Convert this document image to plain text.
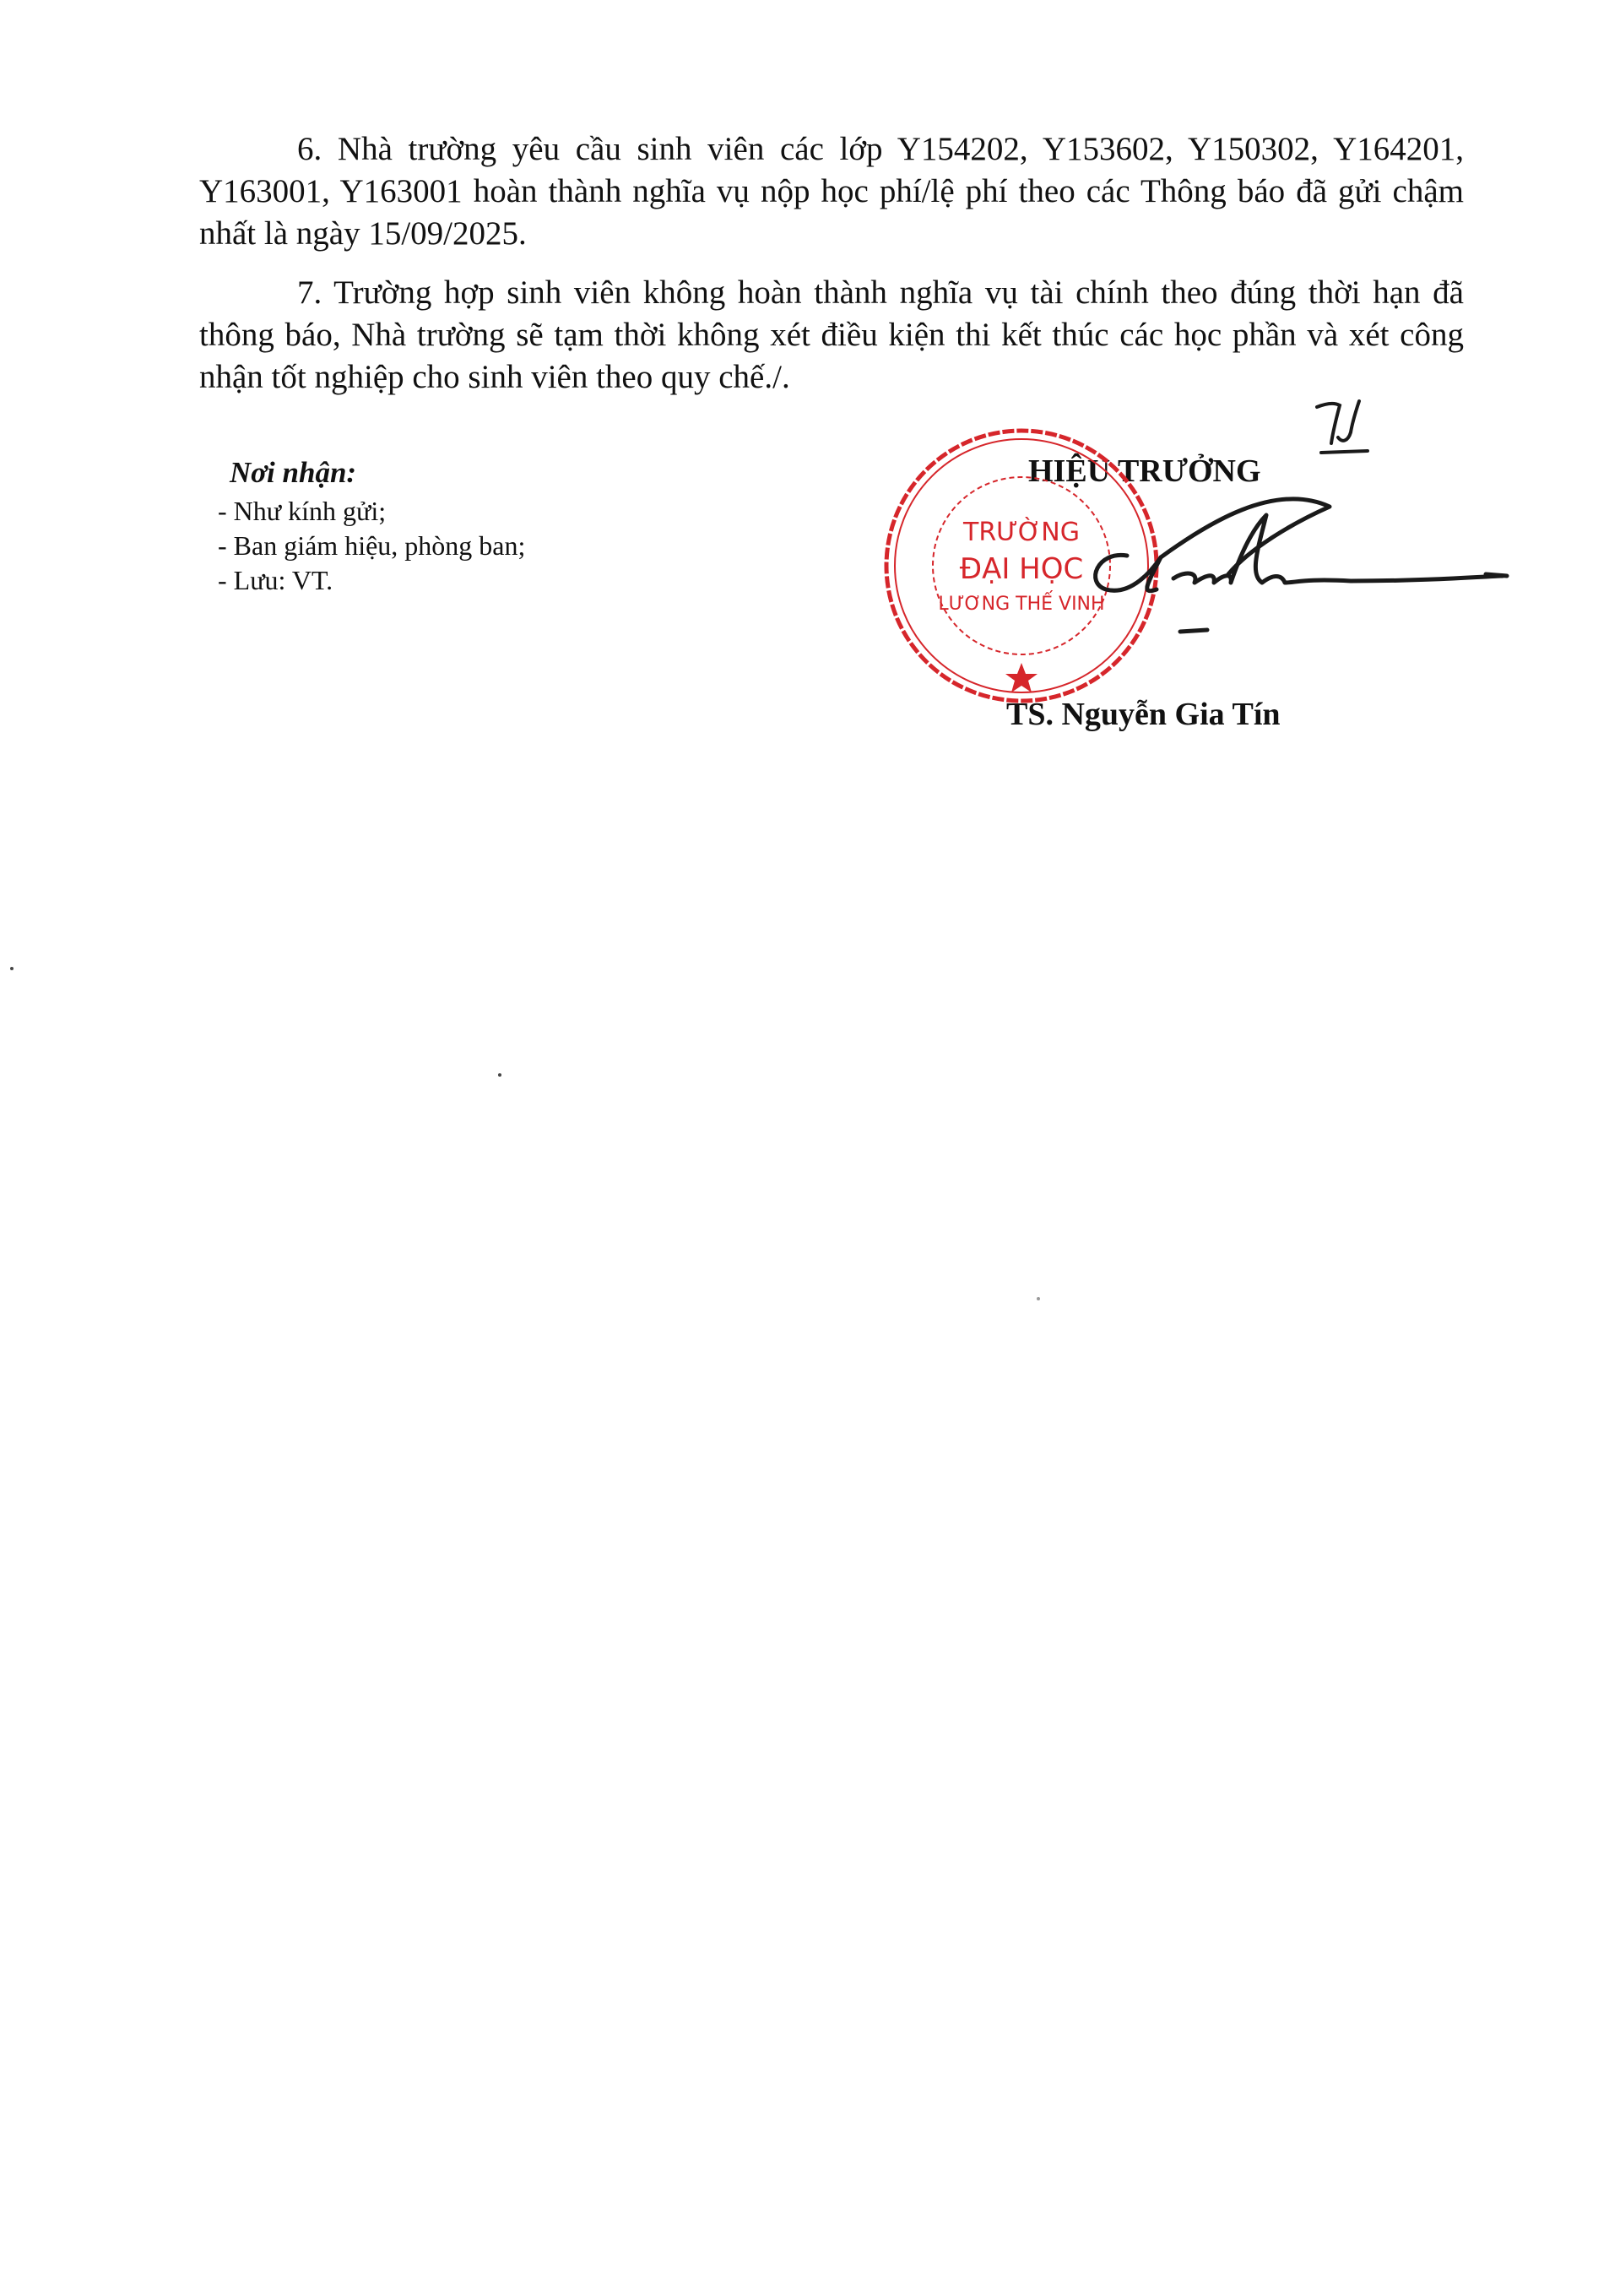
6. Nhà trường yêu cầu sinh viên các lớp Y154202, Y153602, Y150302, Y164201, Y163001, Y163001 hoàn thành nghĩa vụ nộp học phí/lệ phí theo các Thông báo đã gửi chậm nhất là ngày 15/09/2025.

7. Trường hợp sinh viên không hoàn thành nghĩa vụ tài chính theo đúng thời hạn đã thông báo, Nhà trường sẽ tạm thời không xét điều kiện thi kết thúc các học phần và xét công nhận tốt nghiệp cho sinh viên theo quy chế./.

Nơi nhận:
- Như kính gửi;
- Ban giám hiệu, phòng ban;
- Lưu: VT.
HIỆU TRƯỞNG
TRƯỜNG
ĐẠI HỌC
LƯƠNG THẾ VINH
TS. Nguyễn Gia Tín
